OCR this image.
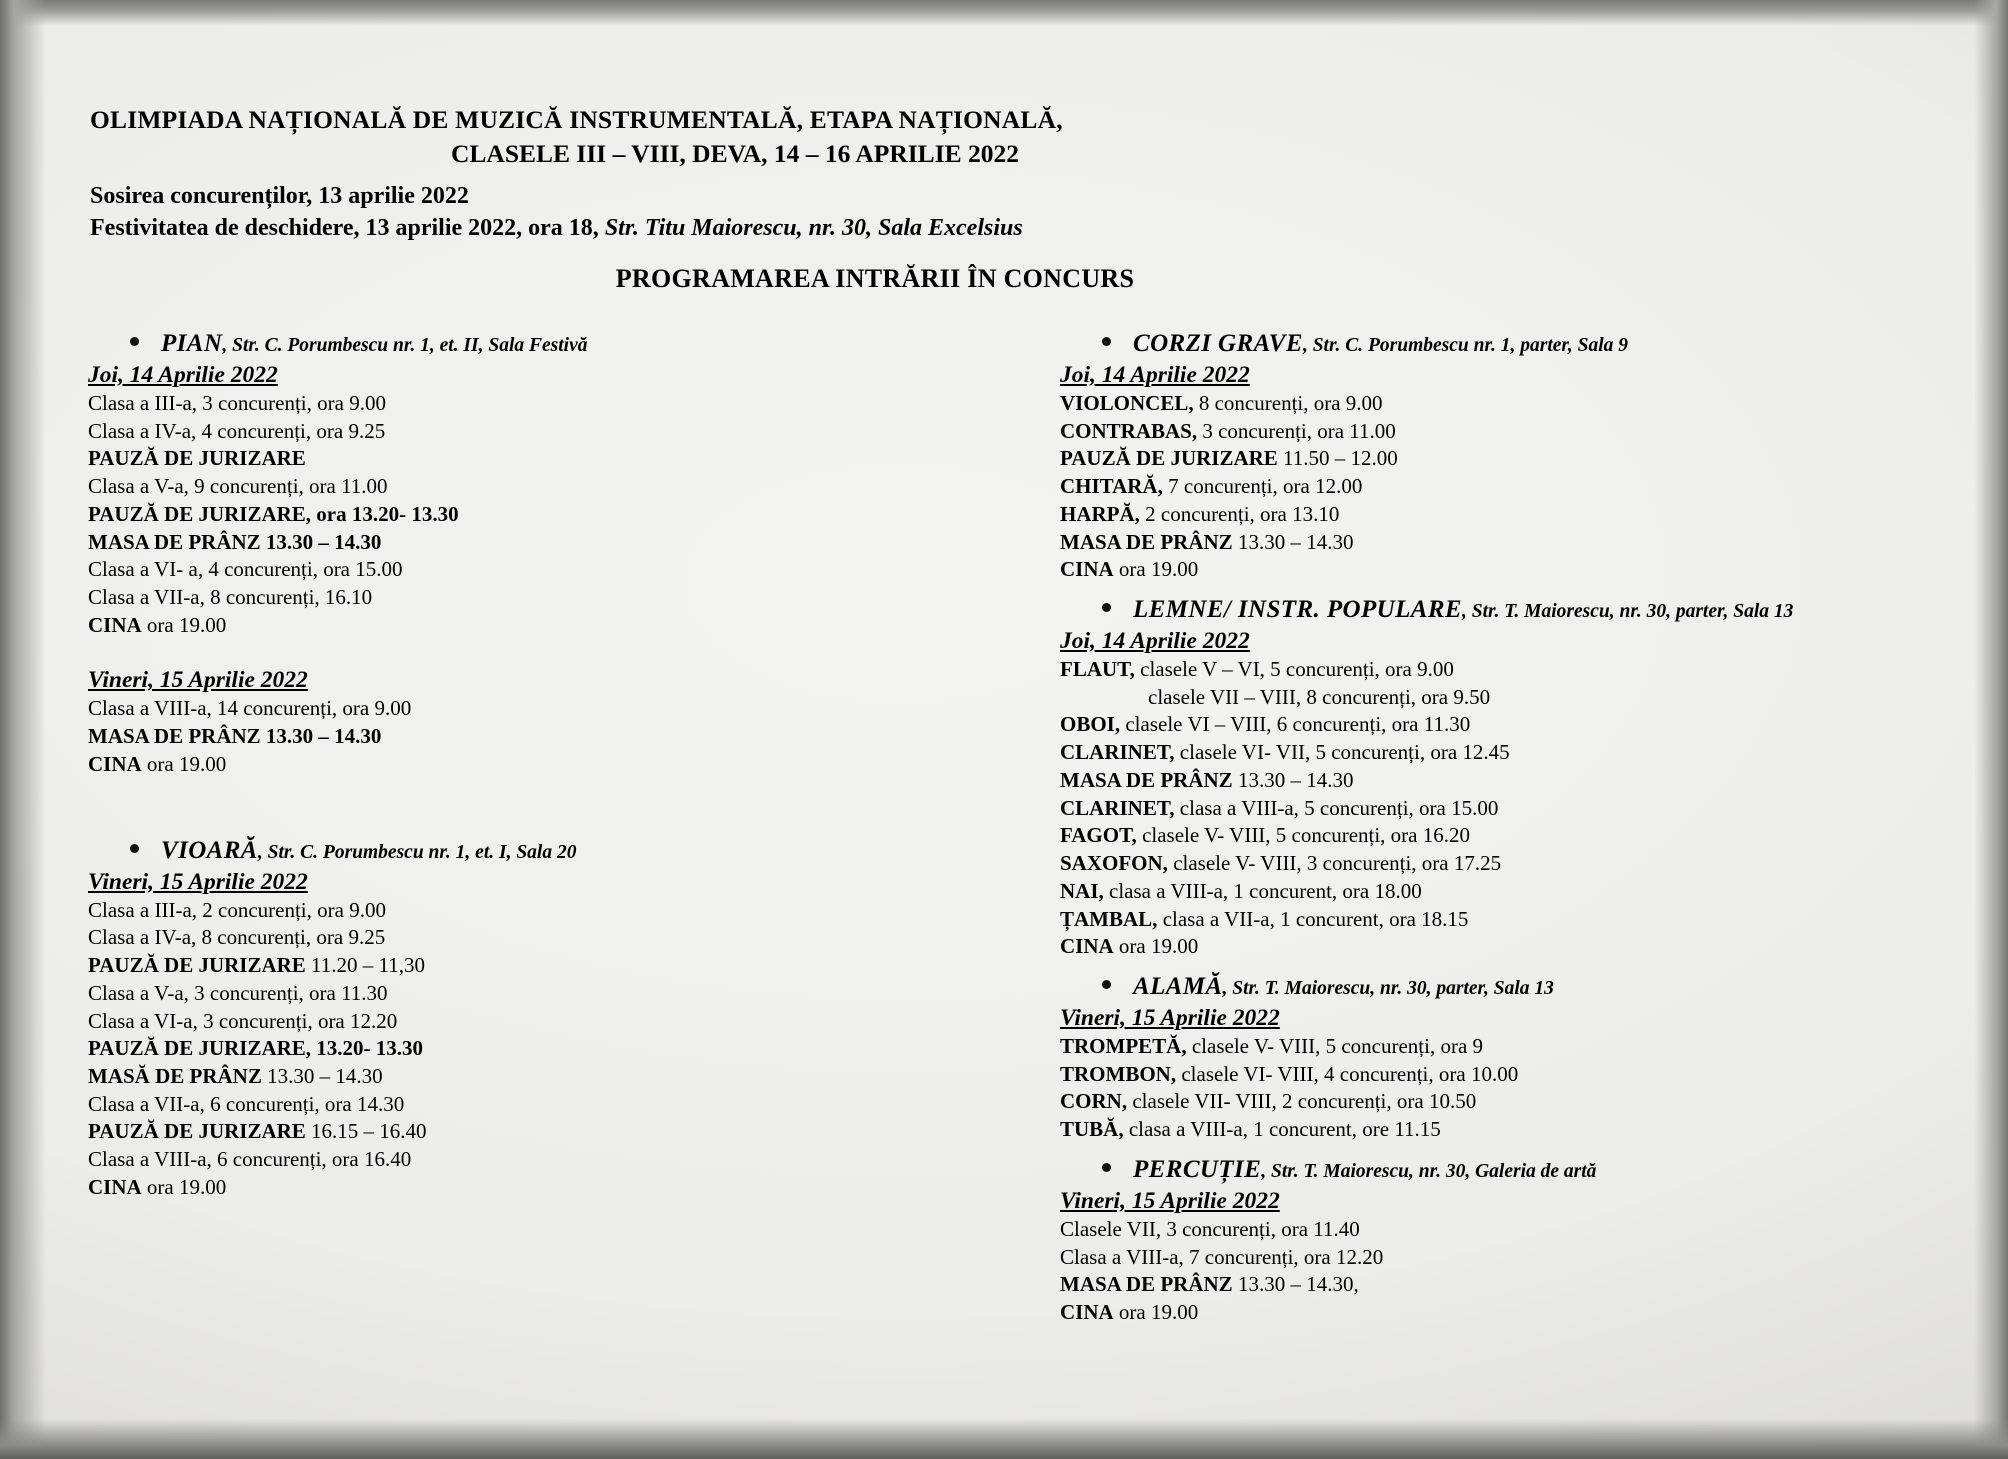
OLIMPIADA NAȚIONALĂ DE MUZICĂ INSTRUMENTALĂ, ETAPA NAȚIONALĂ,
CLASELE III – VIII, DEVA, 14 – 16 APRILIE 2022
Sosirea concurenților, 13 aprilie 2022
Festivitatea de deschidere, 13 aprilie 2022, ora 18, Str. Titu Maiorescu, nr. 30, Sala Excelsius
PROGRAMAREA INTRĂRII ÎN CONCURS
PIAN , Str. C. Porumbescu nr. 1, et. II, Sala Festivă
Joi, 14 Aprilie 2022
Clasa a III-a, 3 concurenți, ora 9.00
Clasa a IV-a, 4 concurenți, ora 9.25
PAUZĂ DE JURIZARE
Clasa a V-a, 9 concurenți, ora 11.00
PAUZĂ DE JURIZARE, ora 13.20- 13.30
MASA DE PRÂNZ 13.30 – 14.30
Clasa a VI- a, 4 concurenți, ora 15.00
Clasa a VII-a, 8 concurenți, 16.10
CINA ora 19.00
Vineri, 15 Aprilie 2022
Clasa a VIII-a, 14 concurenți, ora 9.00
MASA DE PRÂNZ 13.30 – 14.30
CINA ora 19.00
VIOARĂ , Str. C. Porumbescu nr. 1, et. I, Sala 20
Vineri, 15 Aprilie 2022
Clasa a III-a, 2 concurenți, ora 9.00
Clasa a IV-a, 8 concurenți, ora 9.25
PAUZĂ DE JURIZARE 11.20 – 11,30
Clasa a V-a, 3 concurenți, ora 11.30
Clasa a VI-a, 3 concurenți, ora 12.20
PAUZĂ DE JURIZARE, 13.20- 13.30
MASĂ DE PRÂNZ 13.30 – 14.30
Clasa a VII-a, 6 concurenți, ora 14.30
PAUZĂ DE JURIZARE 16.15 – 16.40
Clasa a VIII-a, 6 concurenți, ora 16.40
CINA ora 19.00
CORZI GRAVE , Str. C. Porumbescu nr. 1, parter, Sala 9
Joi, 14 Aprilie 2022
VIOLONCEL, 8 concurenți, ora 9.00
CONTRABAS, 3 concurenți, ora 11.00
PAUZĂ DE JURIZARE 11.50 – 12.00
CHITARĂ, 7 concurenți, ora 12.00
HARPĂ, 2 concurenți, ora 13.10
MASA DE PRÂNZ 13.30 – 14.30
CINA ora 19.00
LEMNE/ INSTR. POPULARE , Str. T. Maiorescu, nr. 30, parter, Sala 13
Joi, 14 Aprilie 2022
FLAUT, clasele V – VI, 5 concurenți, ora 9.00
clasele VII – VIII, 8 concurenți, ora 9.50
OBOI, clasele VI – VIII, 6 concurenți, ora 11.30
CLARINET, clasele VI- VII, 5 concurenți, ora 12.45
MASA DE PRÂNZ 13.30 – 14.30
CLARINET, clasa a VIII-a, 5 concurenți, ora 15.00
FAGOT, clasele V- VIII, 5 concurenți, ora 16.20
SAXOFON, clasele V- VIII, 3 concurenți, ora 17.25
NAI, clasa a VIII-a, 1 concurent, ora 18.00
ȚAMBAL, clasa a VII-a, 1 concurent, ora 18.15
CINA ora 19.00
ALAMĂ , Str. T. Maiorescu, nr. 30, parter, Sala 13
Vineri, 15 Aprilie 2022
TROMPETĂ, clasele V- VIII, 5 concurenți, ora 9
TROMBON, clasele VI- VIII, 4 concurenți, ora 10.00
CORN, clasele VII- VIII, 2 concurenți, ora 10.50
TUBĂ, clasa a VIII-a, 1 concurent, ore 11.15
PERCUȚIE , Str. T. Maiorescu, nr. 30, Galeria de artă
Vineri, 15 Aprilie 2022
Clasele VII, 3 concurenți, ora 11.40
Clasa a VIII-a, 7 concurenți, ora 12.20
MASA DE PRÂNZ 13.30 – 14.30,
CINA ora 19.00
